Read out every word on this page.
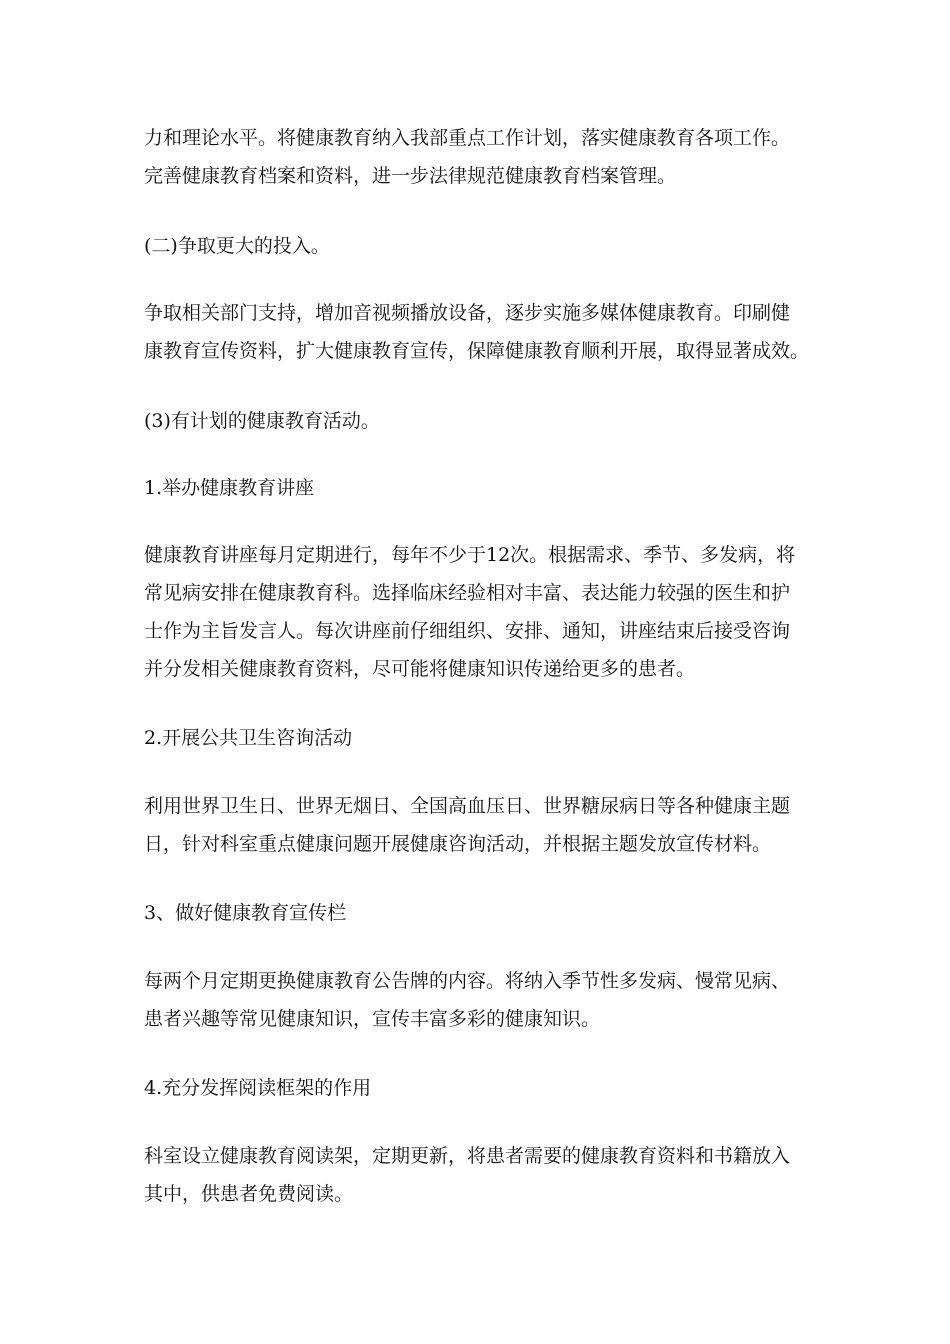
力和理论水平。将健康教育纳入我部重点工作计划，落实健康教育各项工作。
完善健康教育档案和资料，进一步法律规范健康教育档案管理。

(二)争取更大的投入。

争取相关部门支持，增加音视频播放设备，逐步实施多媒体健康教育。印刷健
康教育宣传资料，扩大健康教育宣传，保障健康教育顺利开展，取得显著成效。

(3)有计划的健康教育活动。

1.举办健康教育讲座

健康教育讲座每月定期进行，每年不少于12次。根据需求、季节、多发病，将
常见病安排在健康教育科。选择临床经验相对丰富、表达能力较强的医生和护
士作为主旨发言人。每次讲座前仔细组织、安排、通知，讲座结束后接受咨询
并分发相关健康教育资料，尽可能将健康知识传递给更多的患者。

2.开展公共卫生咨询活动

利用世界卫生日、世界无烟日、全国高血压日、世界糖尿病日等各种健康主题
日，针对科室重点健康问题开展健康咨询活动，并根据主题发放宣传材料。

3、做好健康教育宣传栏

每两个月定期更换健康教育公告牌的内容。将纳入季节性多发病、慢常见病、
患者兴趣等常见健康知识，宣传丰富多彩的健康知识。

4.充分发挥阅读框架的作用

科室设立健康教育阅读架，定期更新，将患者需要的健康教育资料和书籍放入
其中，供患者免费阅读。
